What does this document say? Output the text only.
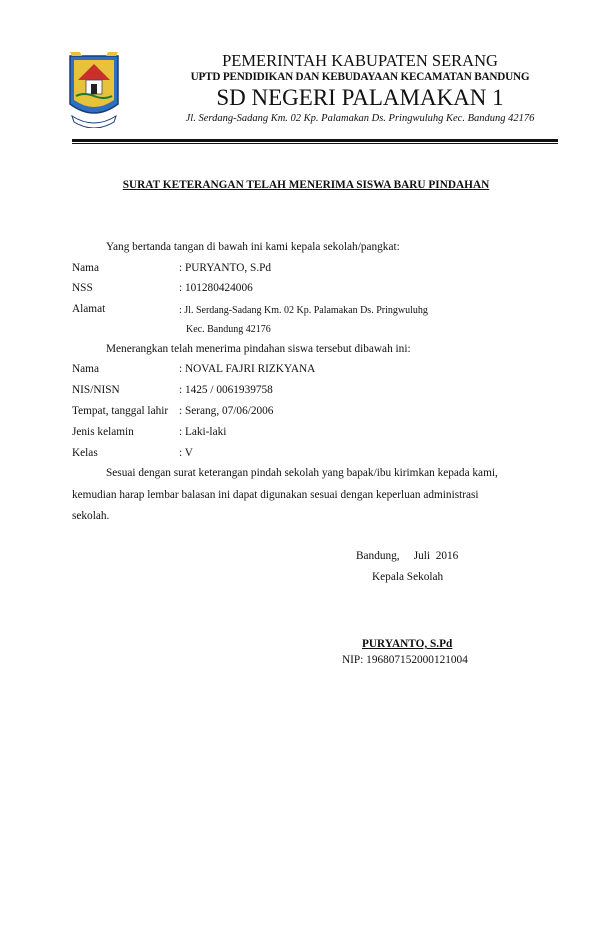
PEMERINTAH KABUPATEN SERANG
UPTD PENDIDIKAN DAN KEBUDAYAAN KECAMATAN BANDUNG
SD NEGERI PALAMAKAN 1
Jl. Serdang-Sadang Km. 02 Kp. Palamakan Ds. Pringwuluhg Kec. Bandung 42176
SURAT KETERANGAN TELAH MENERIMA SISWA BARU PINDAHAN
Yang bertanda tangan di bawah ini kami kepala sekolah/pangkat:
Nama	: PURYANTO, S.Pd
NSS	: 101280424006
Alamat	: Jl. Serdang-Sadang Km. 02 Kp. Palamakan Ds. Pringwuluhg
Kec. Bandung 42176
Menerangkan telah menerima pindahan siswa tersebut dibawah ini:
Nama	: NOVAL FAJRI RIZKYANA
NIS/NISN	: 1425 / 0061939758
Tempat, tanggal lahir : Serang, 07/06/2006
Jenis kelamin	: Laki-laki
Kelas	: V
Sesuai dengan surat keterangan pindah sekolah yang bapak/ibu kirimkan kepada kami,
kemudian harap lembar balasan ini dapat digunakan sesuai dengan keperluan administrasi
sekolah.
Bandung,     Juli  2016
Kepala Sekolah
PURYANTO, S.Pd
NIP: 196807152000121004
